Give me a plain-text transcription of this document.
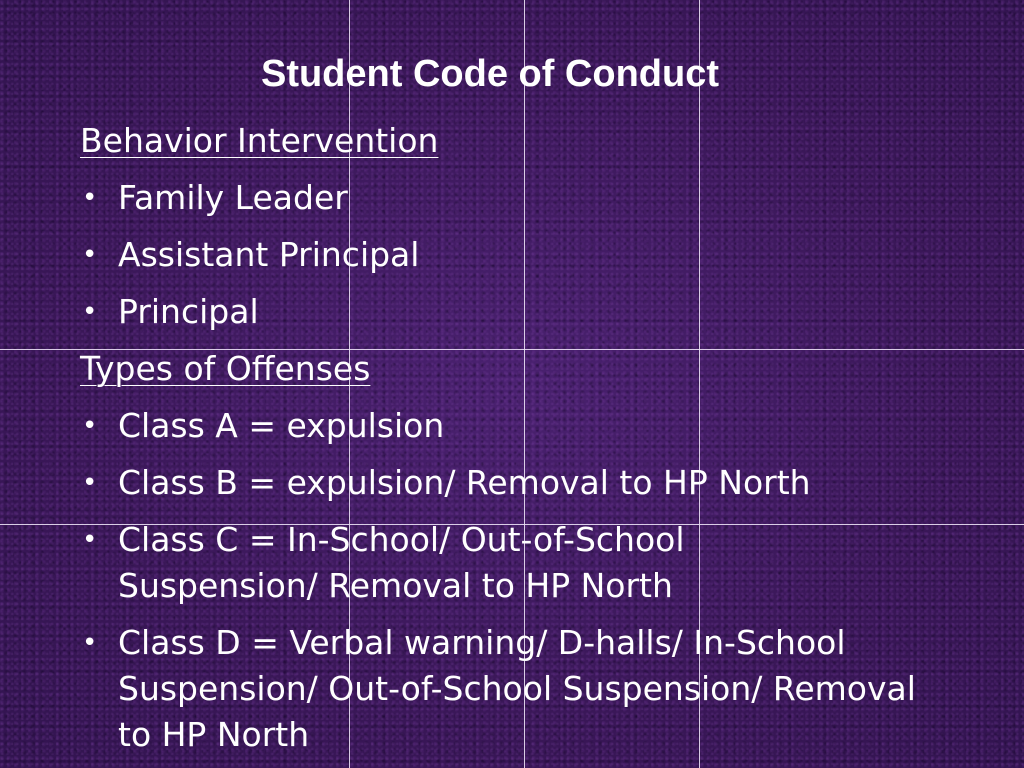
Student Code of Conduct
Behavior Intervention
• Family Leader
• Assistant Principal
• Principal
Types of Offenses
• Class A = expulsion
• Class B = expulsion/ Removal to HP North
• Class C = In-School/ Out-of-School Suspension/ Removal to HP North
• Class D = Verbal warning/ D-halls/ In-School Suspension/ Out-of-School Suspension/ Removal to HP North
